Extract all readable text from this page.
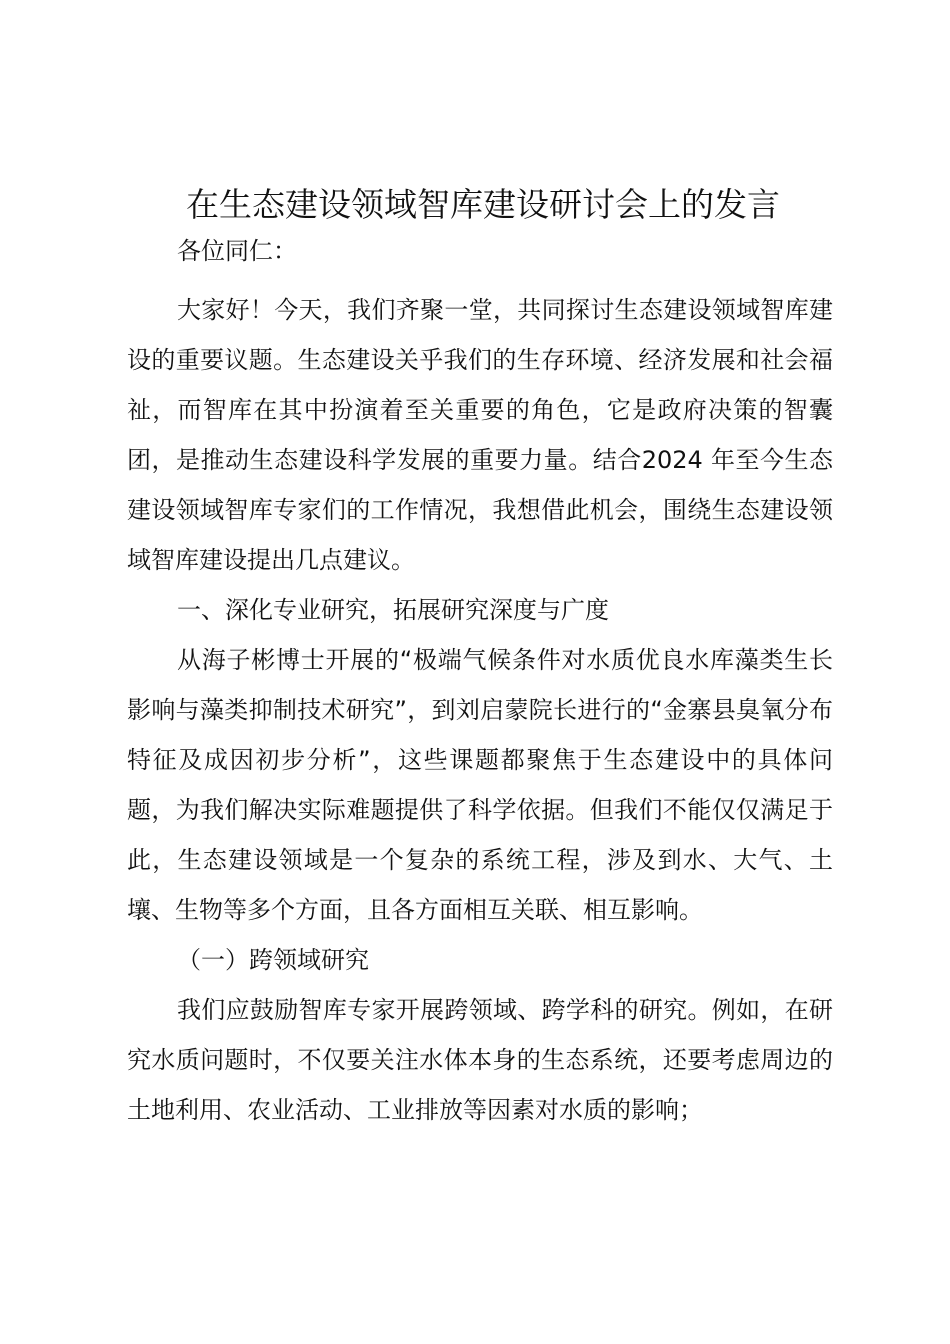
在生态建设领域智库建设研讨会上的发言

各位同仁：

大家好！今天，我们齐聚一堂，共同探讨生态建设领域智库建设的重要议题。生态建设关乎我们的生存环境、经济发展和社会福祉，而智库在其中扮演着至关重要的角色，它是政府决策的智囊团，是推动生态建设科学发展的重要力量。结合2024 年至今生态建设领域智库专家们的工作情况，我想借此机会，围绕生态建设领域智库建设提出几点建议。

一、深化专业研究，拓展研究深度与广度

从海子彬博士开展的“极端气候条件对水质优良水库藻类生长影响与藻类抑制技术研究”，到刘启蒙院长进行的“金寨县臭氧分布特征及成因初步分析”，这些课题都聚焦于生态建设中的具体问题，为我们解决实际难题提供了科学依据。但我们不能仅仅满足于此，生态建设领域是一个复杂的系统工程，涉及到水、大气、土壤、生物等多个方面，且各方面相互关联、相互影响。

（一）跨领域研究

我们应鼓励智库专家开展跨领域、跨学科的研究。例如，在研究水质问题时，不仅要关注水体本身的生态系统，还要考虑周边的土地利用、农业活动、工业排放等因素对水质的影响；
